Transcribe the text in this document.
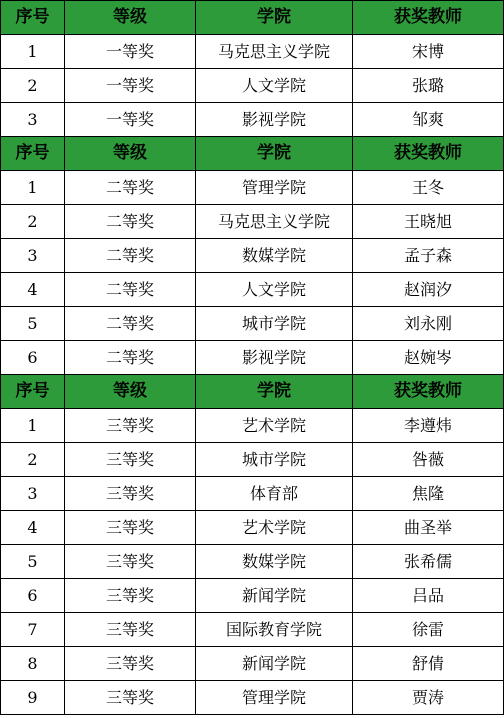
序号	等级	学院	获奖教师
1	一等奖	马克思主义学院	宋博
2	一等奖	人文学院	张璐
3	一等奖	影视学院	邹爽
序号	等级	学院	获奖教师
1	二等奖	管理学院	王冬
2	二等奖	马克思主义学院	王晓旭
3	二等奖	数媒学院	孟子森
4	二等奖	人文学院	赵润汐
5	二等奖	城市学院	刘永刚
6	二等奖	影视学院	赵婉岑
序号	等级	学院	获奖教师
1	三等奖	艺术学院	李遵炜
2	三等奖	城市学院	咎薇
3	三等奖	体育部	焦隆
4	三等奖	艺术学院	曲圣举
5	三等奖	数媒学院	张希儒
6	三等奖	新闻学院	吕品
7	三等奖	国际教育学院	徐雷
8	三等奖	新闻学院	舒倩
9	三等奖	管理学院	贾涛
